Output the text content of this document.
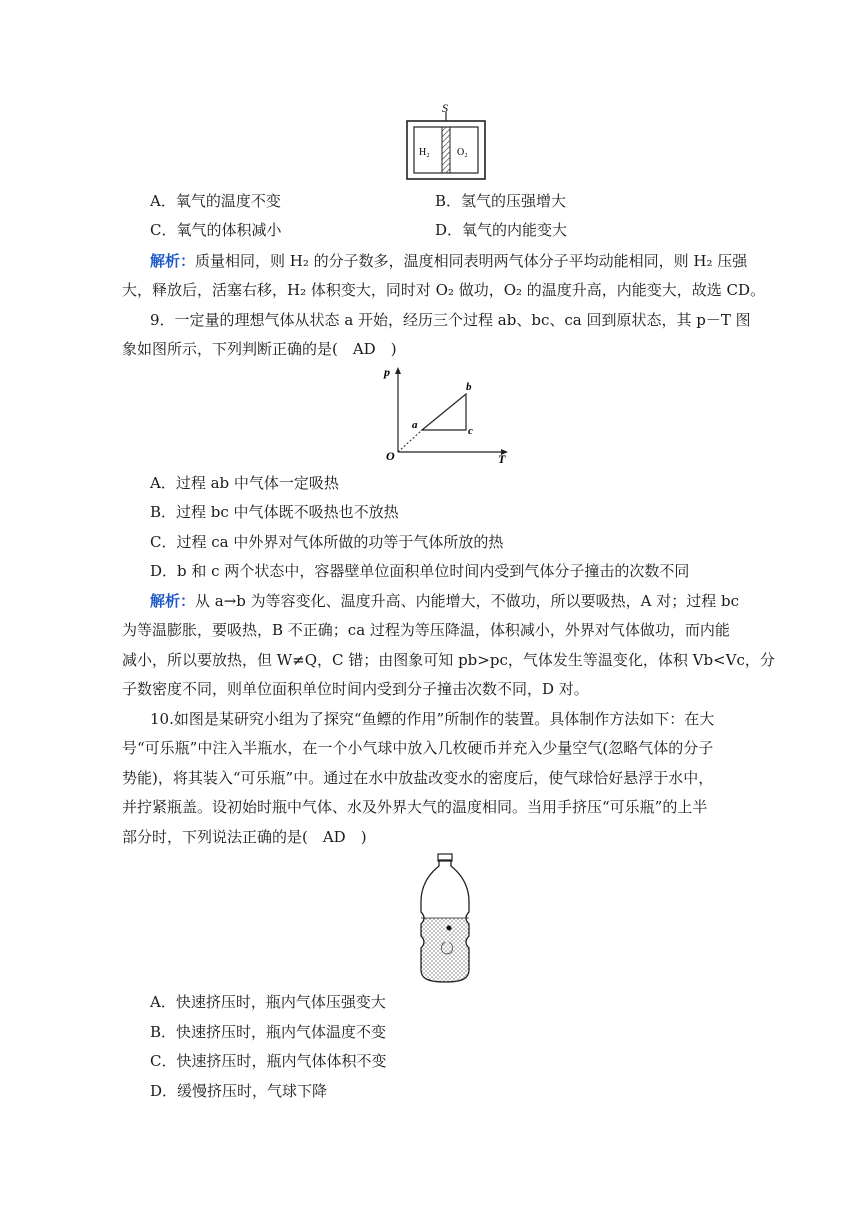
S
H₂	O₂
A．氧气的温度不变	B．氢气的压强增大
C．氧气的体积减小	D．氧气的内能变大
解析：质量相同，则 H₂ 的分子数多，温度相同表明两气体分子平均动能相同，则 H₂ 压强
大，释放后，活塞右移，H₂ 体积变大，同时对 O₂ 做功，O₂ 的温度升高，内能变大，故选 CD。
9．一定量的理想气体从状态 a 开始，经历三个过程 ab、bc、ca 回到原状态，其 p－T 图
象如图所示，下列判断正确的是(　AD　)
p
T
O
a
b
c
A．过程 ab 中气体一定吸热
B．过程 bc 中气体既不吸热也不放热
C．过程 ca 中外界对气体所做的功等于气体所放的热
D．b 和 c 两个状态中，容器壁单位面积单位时间内受到气体分子撞击的次数不同
解析：从 a→b 为等容变化、温度升高、内能增大，不做功，所以要吸热，A 对；过程 bc
为等温膨胀，要吸热，B 不正确；ca 过程为等压降温，体积减小，外界对气体做功，而内能
减小，所以要放热，但 W≠Q，C 错；由图象可知 pb>pc，气体发生等温变化，体积 Vb<Vc，分
子数密度不同，则单位面积单位时间内受到分子撞击次数不同，D 对。
10.如图是某研究小组为了探究“鱼鳔的作用”所制作的装置。具体制作方法如下：在大
号“可乐瓶”中注入半瓶水，在一个小气球中放入几枚硬币并充入少量空气(忽略气体的分子
势能)，将其装入“可乐瓶”中。通过在水中放盐改变水的密度后，使气球恰好悬浮于水中，
并拧紧瓶盖。设初始时瓶中气体、水及外界大气的温度相同。当用手挤压“可乐瓶”的上半
部分时，下列说法正确的是(　AD　)
A．快速挤压时，瓶内气体压强变大
B．快速挤压时，瓶内气体温度不变
C．快速挤压时，瓶内气体体积不变
D．缓慢挤压时，气球下降
